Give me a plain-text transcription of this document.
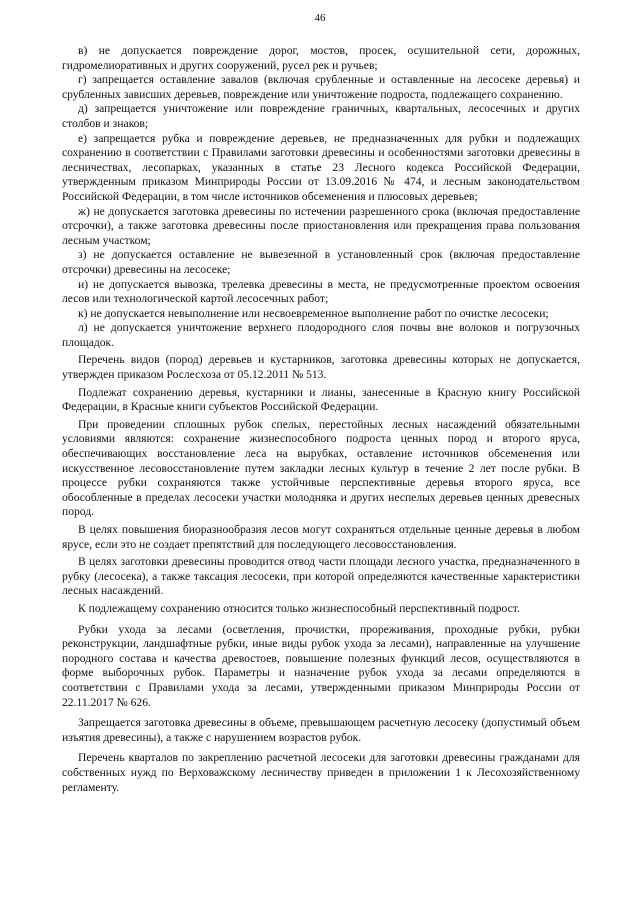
46

в) не допускается повреждение дорог, мостов, просек, осушительной сети, дорожных, гидромелиоративных и других сооружений, русел рек и ручьев;

г) запрещается оставление завалов (включая срубленные и оставленные на лесосеке деревья) и срубленных зависших деревьев, повреждение или уничтожение подроста, подлежащего сохранению.

д) запрещается уничтожение или повреждение граничных, квартальных, лесосечных и других столбов и знаков;

е) запрещается рубка и повреждение деревьев, не предназначенных для рубки и подлежащих сохранению в соответствии с Правилами заготовки древесины и особенностями заготовки древесины в лесничествах, лесопарках, указанных в статье 23 Лесного кодекса Российской Федерации, утвержденным приказом Минприроды России от 13.09.2016 № 474, и лесным законодательством Российской Федерации, в том числе источников обсеменения и плюсовых деревьев;

ж) не допускается заготовка древесины по истечении разрешенного срока (включая предоставление отсрочки), а также заготовка древесины после приостановления или прекращения права пользования лесным участком;

з) не допускается оставление не вывезенной в установленный срок (включая предоставление отсрочки) древесины на лесосеке;

и) не допускается вывозка, трелевка древесины в места, не предусмотренные проектом освоения лесов или технологической картой лесосечных работ;

к) не допускается невыполнение или несвоевременное выполнение работ по очистке лесосеки;

л) не допускается уничтожение верхнего плодородного слоя почвы вне волоков и погрузочных площадок.

Перечень видов (пород) деревьев и кустарников, заготовка древесины которых не допускается, утвержден приказом Рослесхоза от 05.12.2011 № 513.

Подлежат сохранению деревья, кустарники и лианы, занесенные в Красную книгу Российской Федерации, в Красные книги субъектов Российской Федерации.

При проведении сплошных рубок спелых, перестойных лесных насаждений обязательными условиями являются: сохранение жизнеспособного подроста ценных пород и второго яруса, обеспечивающих восстановление леса на вырубках, оставление источников обсеменения или искусственное лесовосстановление путем закладки лесных культур в течение 2 лет после рубки. В процессе рубки сохраняются также устойчивые перспективные деревья второго яруса, все обособленные в пределах лесосеки участки молодняка и других неспелых деревьев ценных древесных пород.

В целях повышения биоразнообразия лесов могут сохраняться отдельные ценные деревья в любом ярусе, если это не создает препятствий для последующего лесовосстановления.

В целях заготовки древесины проводится отвод части площади лесного участка, предназначенного в рубку (лесосека), а также таксация лесосеки, при которой определяются качественные характеристики лесных насаждений.

К подлежащему сохранению относится только жизнеспособный перспективный подрост.

Рубки ухода за лесами (осветления, прочистки, прореживания, проходные рубки, рубки реконструкции, ландшафтные рубки, иные виды рубок ухода за лесами), направленные на улучшение породного состава и качества древостоев, повышение полезных функций лесов, осуществляются в форме выборочных рубок. Параметры и назначение рубок ухода за лесами определяются в соответствии с Правилами ухода за лесами, утвержденными приказом Минприроды России от 22.11.2017 № 626.

Запрещается заготовка древесины в объеме, превышающем расчетную лесосеку (допустимый объем изъятия древесины), а также с нарушением возрастов рубок.

Перечень кварталов по закреплению расчетной лесосеки для заготовки древесины гражданами для собственных нужд по Верховажскому лесничеству приведен в приложении 1 к Лесохозяйственному регламенту.
